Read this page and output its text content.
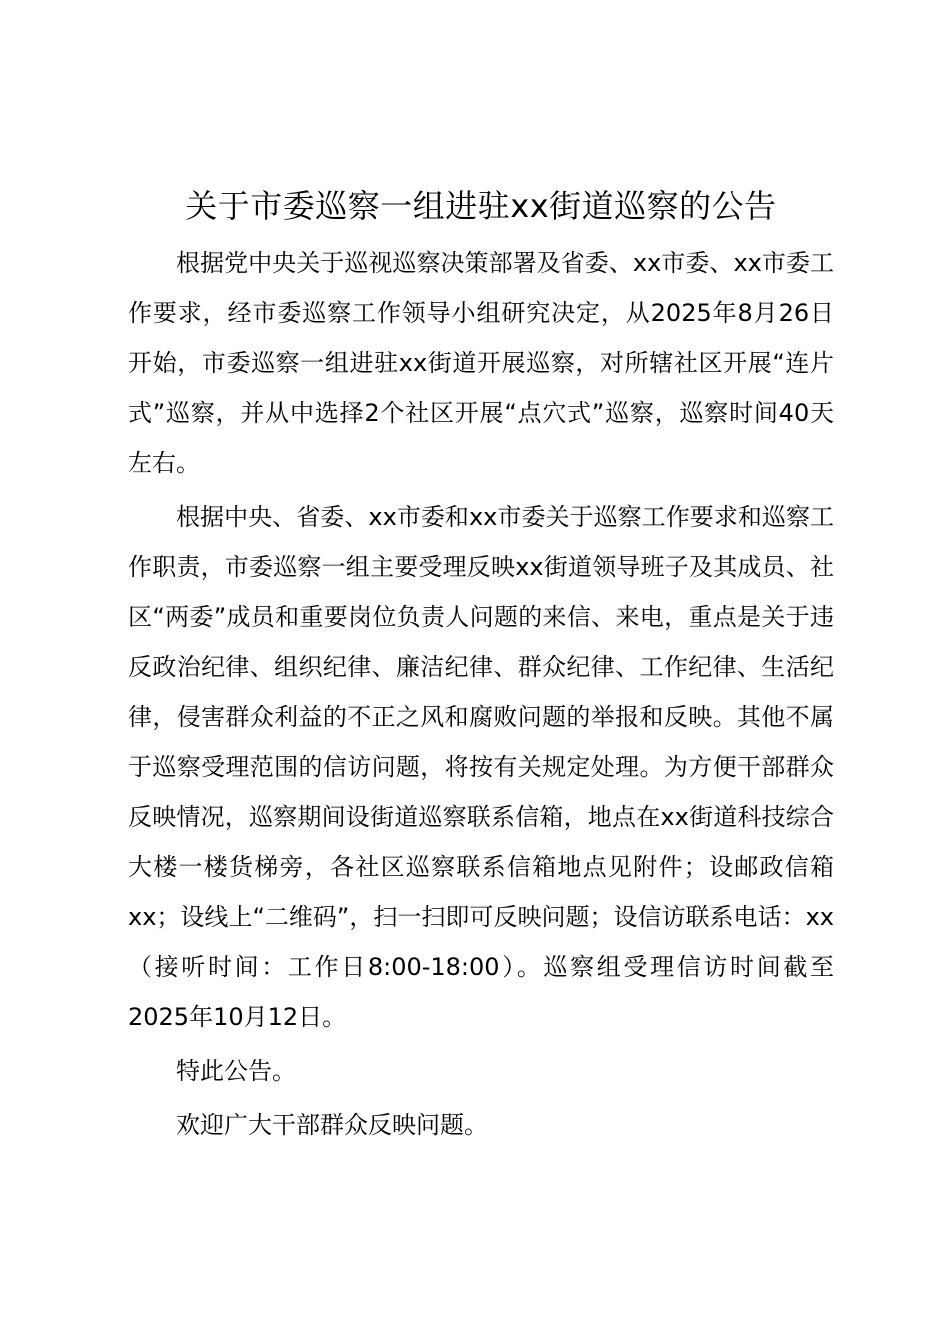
关于市委巡察一组进驻xx街道巡察的公告

根据党中央关于巡视巡察决策部署及省委、xx市委、xx市委工作要求，经市委巡察工作领导小组研究决定，从2025年8月26日开始，市委巡察一组进驻xx街道开展巡察，对所辖社区开展“连片式”巡察，并从中选择2个社区开展“点穴式”巡察，巡察时间40天左右。

根据中央、省委、xx市委和xx市委关于巡察工作要求和巡察工作职责，市委巡察一组主要受理反映xx街道领导班子及其成员、社区“两委”成员和重要岗位负责人问题的来信、来电，重点是关于违反政治纪律、组织纪律、廉洁纪律、群众纪律、工作纪律、生活纪律，侵害群众利益的不正之风和腐败问题的举报和反映。其他不属于巡察受理范围的信访问题，将按有关规定处理。为方便干部群众反映情况，巡察期间设街道巡察联系信箱，地点在xx街道科技综合大楼一楼货梯旁，各社区巡察联系信箱地点见附件；设邮政信箱xx；设线上“二维码”，扫一扫即可反映问题；设信访联系电话：xx（接听时间：工作日8:00-18:00）。巡察组受理信访时间截至2025年10月12日。

特此公告。

欢迎广大干部群众反映问题。
